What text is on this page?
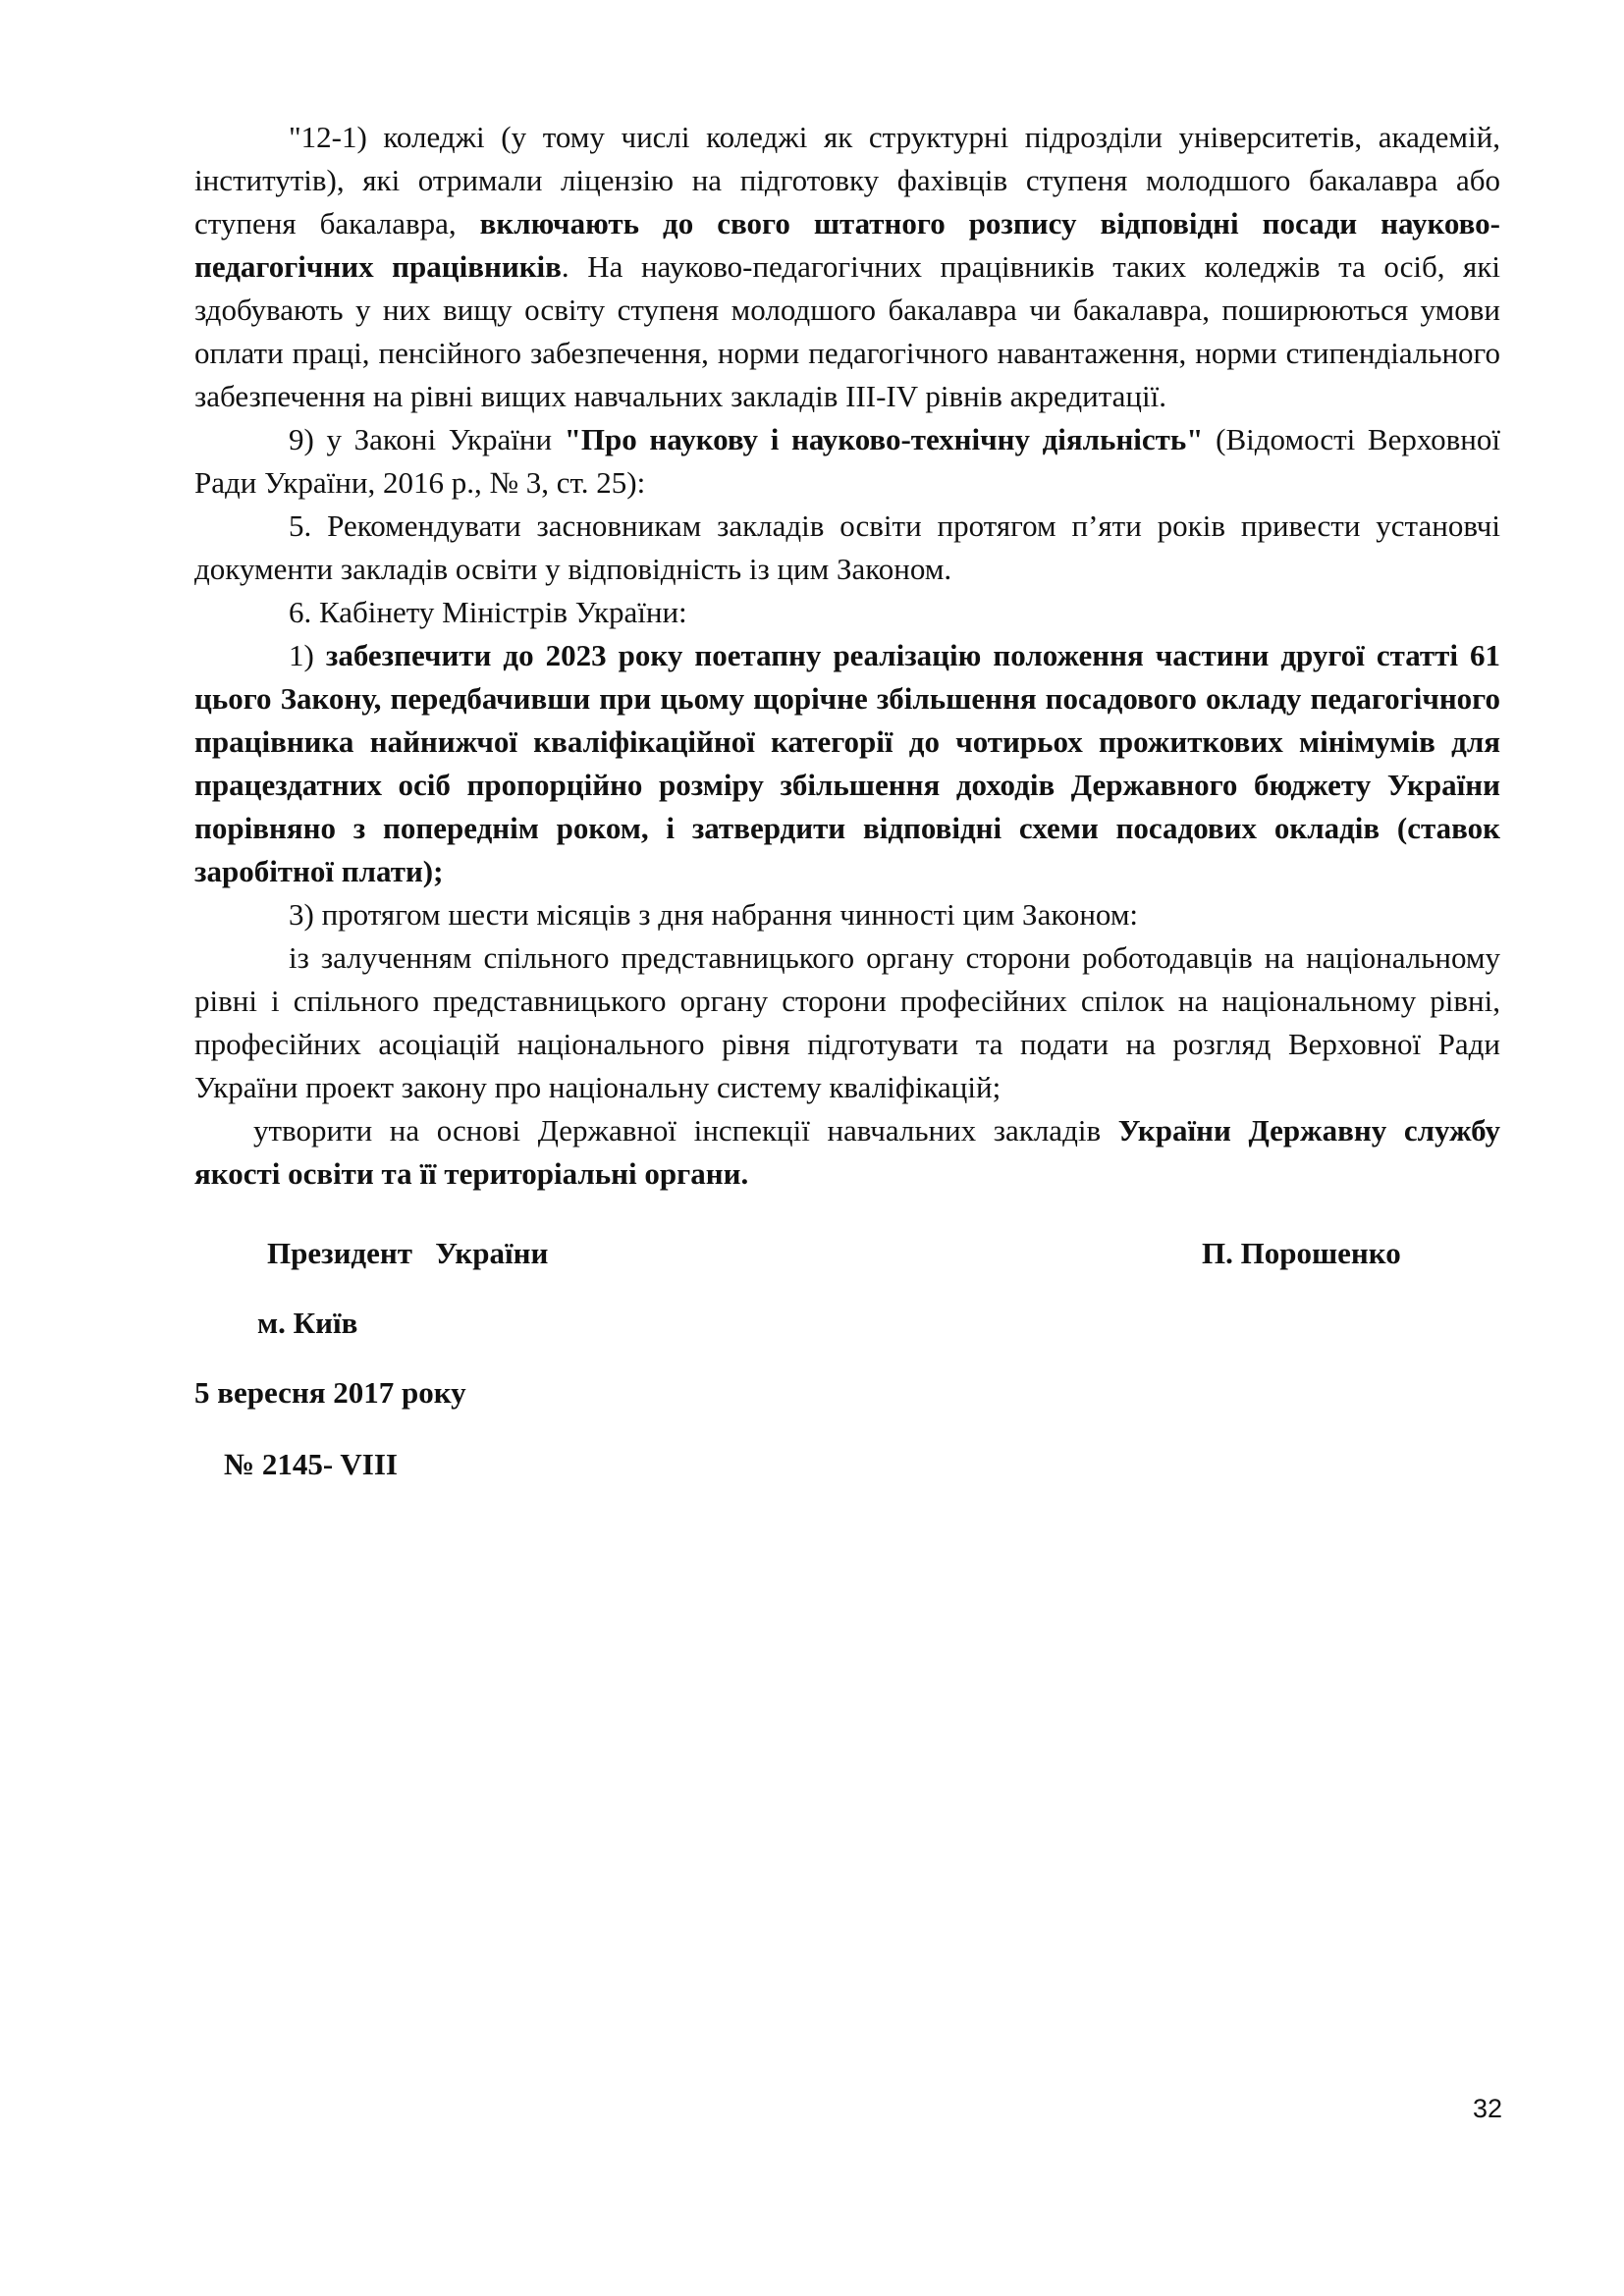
"12-1) коледжі (у тому числі коледжі як структурні підрозділи університетів, академій, інститутів), які отримали ліцензію на підготовку фахівців ступеня молодшого бакалавра або ступеня бакалавра, включають до свого штатного розпису відповідні посади науково-педагогічних працівників. На науково-педагогічних працівників таких коледжів та осіб, які здобувають у них вищу освіту ступеня молодшого бакалавра чи бакалавра, поширюються умови оплати праці, пенсійного забезпечення, норми педагогічного навантаження, норми стипендіального забезпечення на рівні вищих навчальних закладів III-IV рівнів акредитації.

9) у Законі України "Про наукову і науково-технічну діяльність" (Відомості Верховної Ради України, 2016 р., № 3, ст. 25):

5. Рекомендувати засновникам закладів освіти протягом п’яти років привести установчі документи закладів освіти у відповідність із цим Законом.

6. Кабінету Міністрів України:

1) забезпечити до 2023 року поетапну реалізацію положення частини другої статті 61 цього Закону, передбачивши при цьому щорічне збільшення посадового окладу педагогічного працівника найнижчої кваліфікаційної категорії до чотирьох прожиткових мінімумів для працездатних осіб пропорційно розміру збільшення доходів Державного бюджету України порівняно з попереднім роком, і затвердити відповідні схеми посадових окладів (ставок заробітної плати);

3) протягом шести місяців з дня набрання чинності цим Законом:

із залученням спільного представницького органу сторони роботодавців на національному рівні і спільного представницького органу сторони професійних спілок на національному рівні, професійних асоціацій національного рівня підготувати та подати на розгляд Верховної Ради України проект закону про національну систему кваліфікацій;

утворити на основі Державної інспекції навчальних закладів України Державну службу якості освіти та її територіальні органи.

Президент   України	П. Порошенко
м. Київ
5 вересня 2017 року
№ 2145- VIII
32
